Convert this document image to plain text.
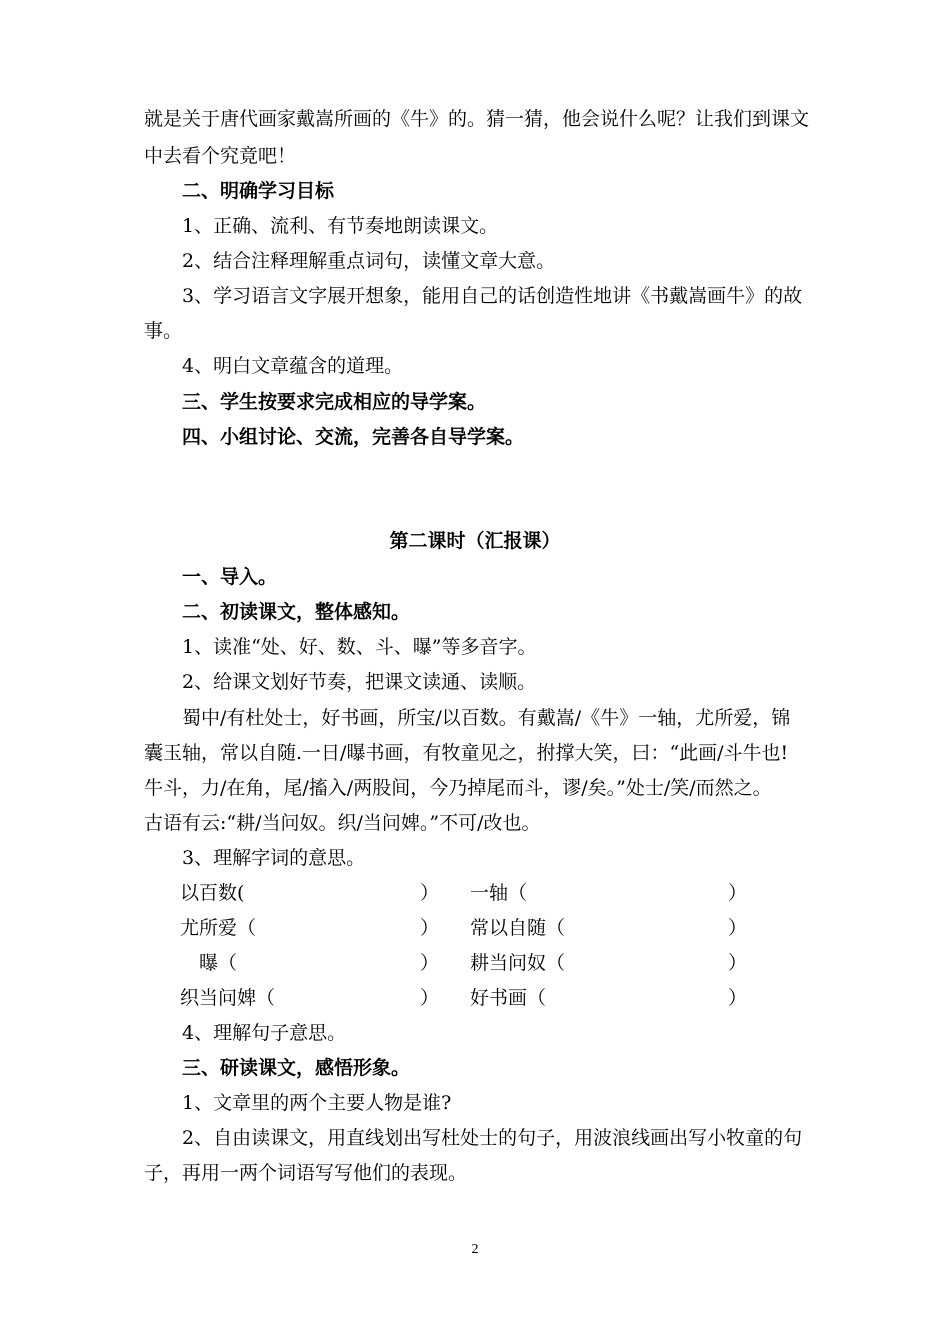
就是关于唐代画家戴嵩所画的《牛》的。猜一猜，他会说什么呢？让我们到课文
中去看个究竟吧！
二、明确学习目标
1、正确、流利、有节奏地朗读课文。
2、结合注释理解重点词句，读懂文章大意。
3、学习语言文字展开想象，能用自己的话创造性地讲《书戴嵩画牛》的故
事。
4、明白文章蕴含的道理。
三、学生按要求完成相应的导学案。
四、小组讨论、交流，完善各自导学案。
第二课时（汇报课）
一、导入。
二、初读课文，整体感知。
1、读准“处、好、数、斗、曝”等多音字。
2、给课文划好节奏，把课文读通、读顺。
蜀中/有杜处士，好书画，所宝/以百数。有戴嵩/《牛》一轴，尤所爱，锦
囊玉轴，常以自随.一日/曝书画，有牧童见之，拊撑大笑，曰：“此画/斗牛也!
牛斗，力/在角，尾/搐入/两股间，今乃掉尾而斗，谬/矣。”处士/笑/而然之。
古语有云:“耕/当问奴。织/当问婢。”不可/改也。
3、理解字词的意思。
以百数(	） 一轴（	）
尤所爱（	） 常以自随（	）
曝（	） 耕当问奴（	）
织当问婢（	） 好书画（	）
4、理解句子意思。
三、研读课文，感悟形象。
1、文章里的两个主要人物是谁?
2、自由读课文，用直线划出写杜处士的句子，用波浪线画出写小牧童的句
子，再用一两个词语写写他们的表现。
2
